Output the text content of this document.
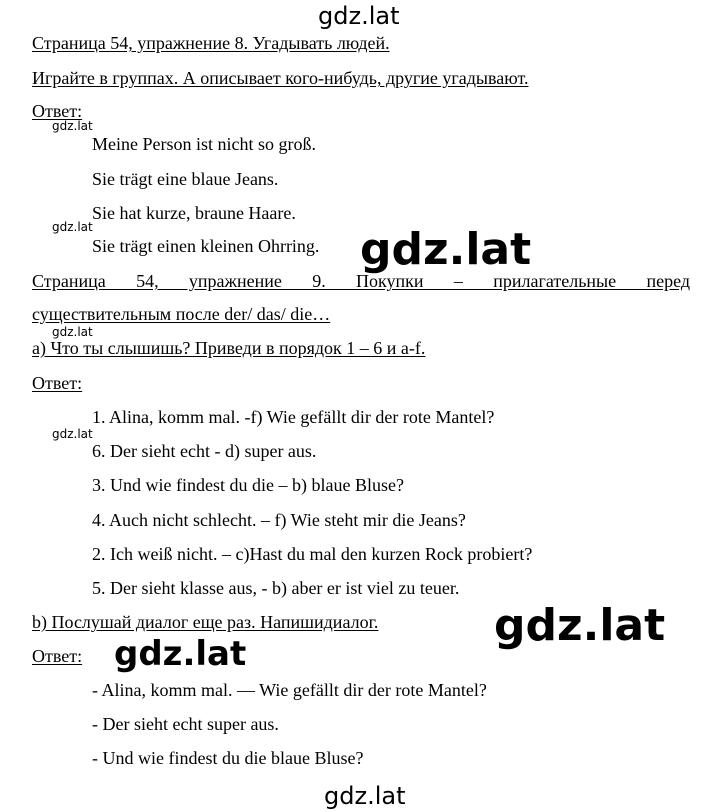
gdz.lat
Страница 54, упражнение 8. Угадывать людей.
Играйте в группах. А описывает кого-нибудь, другие угадывают.
Ответ:
gdz.lat
Meine Person ist nicht so groß.
Sie trägt eine blaue Jeans.
Sie hat kurze, braune Haare.
gdz.lat
Sie trägt einen kleinen Ohrring. gdz.lat
Страница 54, упражнение 9. Покупки – прилагательные перед
существительным после der/ das/ die…
gdz.lat
a) Что ты слышишь? Приведи в порядок 1 – 6 и a-f.
Ответ:
1. Alina, komm mal. -f) Wie gefällt dir der rote Mantel?
gdz.lat
6. Der sieht echt - d) super aus.
3. Und wie findest du die – b) blaue Bluse?
4. Auch nicht schlecht. – f) Wie steht mir die Jeans?
2. Ich weiß nicht. – c)Hast du mal den kurzen Rock probiert?
5. Der sieht klasse aus, - b) aber er ist viel zu teuer.
b) Послушай диалог еще раз. Напишидиалог.	gdz.lat
Ответ: gdz.lat
- Alina, komm mal. — Wie gefällt dir der rote Mantel?
- Der sieht echt super aus.
- Und wie findest du die blaue Bluse?
gdz.lat
